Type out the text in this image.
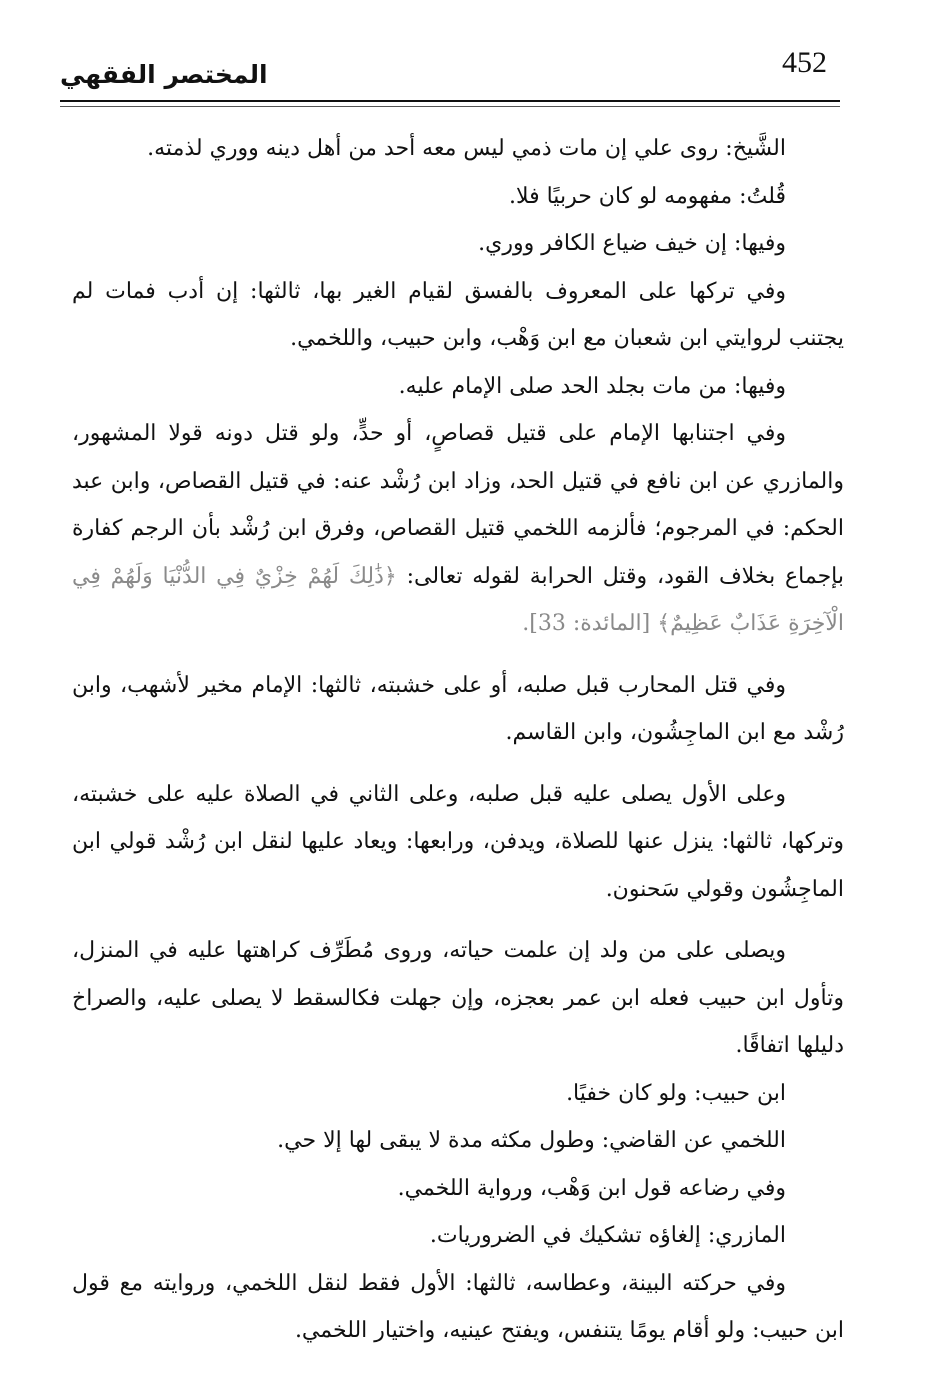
452
المختصر الفقهي

الشَّيخ: روى علي إن مات ذمي ليس معه أحد من أهل دينه ووري لذمته.

قُلتُ: مفهومه لو كان حربيًا فلا.

وفيها: إن خيف ضياع الكافر ووري.

وفي تركها على المعروف بالفسق لقيام الغير بها، ثالثها: إن أدب فمات لم يجتنب لروايتي ابن شعبان مع ابن وَهْب، وابن حبيب، واللخمي.

وفيها: من مات بجلد الحد صلى الإمام عليه.

وفي اجتنابها الإمام على قتيل قصاصٍ، أو حدٍّ، ولو قتل دونه قولا المشهور، والمازري عن ابن نافع في قتيل الحد، وزاد ابن رُشْد عنه: في قتيل القصاص، وابن عبد الحكم: في المرجوم؛ فألزمه اللخمي قتيل القصاص، وفرق ابن رُشْد بأن الرجم كفارة بإجماع بخلاف القود، وقتل الحرابة لقوله تعالى: ﴿ذَٰلِكَ لَهُمْ خِزْيٌ فِي الدُّنْيَا وَلَهُمْ فِي الْآخِرَةِ عَذَابٌ عَظِيمٌ﴾ [المائدة: 33].

وفي قتل المحارب قبل صلبه، أو على خشبته، ثالثها: الإمام مخير لأشهب، وابن رُشْد مع ابن الماجِشُون، وابن القاسم.

وعلى الأول يصلى عليه قبل صلبه، وعلى الثاني في الصلاة عليه على خشبته، وتركها، ثالثها: ينزل عنها للصلاة، ويدفن، ورابعها: ويعاد عليها لنقل ابن رُشْد قولي ابن الماجِشُون وقولي سَحنون.

ويصلى على من ولد إن علمت حياته، وروى مُطَرِّف كراهتها عليه في المنزل، وتأول ابن حبيب فعله ابن عمر بعجزه، وإن جهلت فكالسقط لا يصلى عليه، والصراخ دليلها اتفاقًا.

ابن حبيب: ولو كان خفيًا.

اللخمي عن القاضي: وطول مكثه مدة لا يبقى لها إلا حي.

وفي رضاعه قول ابن وَهْب، ورواية اللخمي.

المازري: إلغاؤه تشكيك في الضروريات.

وفي حركته البينة، وعطاسه، ثالثها: الأول فقط لنقل اللخمي، وروايته مع قول ابن حبيب: ولو أقام يومًا يتنفس، ويفتح عينيه، واختيار اللخمي.
